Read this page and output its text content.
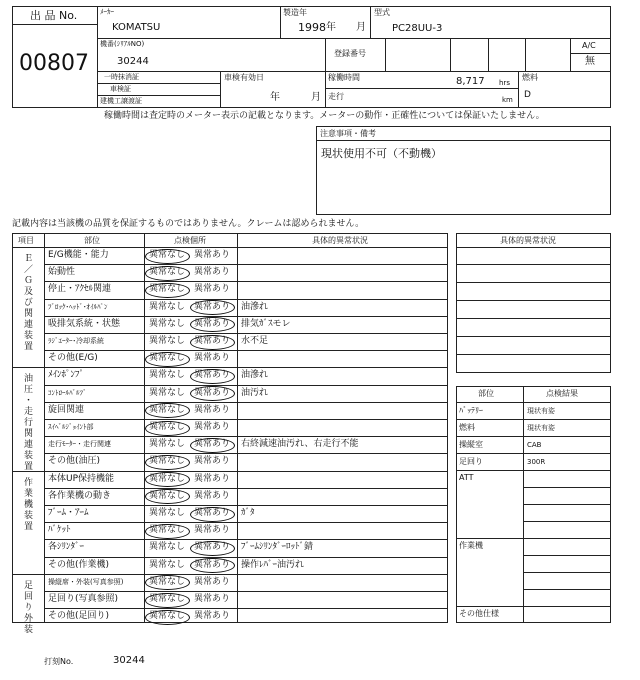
出 品 No.
00807
ﾒｰｶｰ
KOMATSU
製造年
1998 年 月
型式
PC28UU-3
機番(ｼﾘｱﾙNO)
30244
登録番号
A/C
無
一時抹消証
車検証
建機工譲渡証
車検有効日
年	月
稼働時間	8,717 hrs
走行	km
燃料
D
稼働時間は査定時のメーター表示の記載となります。メーターの動作・正確性については保証いたしません。
注意事項・備考
現状使用不可（不動機）
記載内容は当該機の品質を保証するものではありません。クレームは認められません。
項目	部位	点検個所	具体的異常状況
Ｅ／Ｇ及び関連装置 E/G機能・能力	異常なし 異常あり
始動性	異常なし 異常あり
停止・ｱｸｾﾙ関連	異常なし 異常あり
ﾌﾞﾛｯｸ･ﾍｯﾄﾞ･ｵｲﾙﾊﾟﾝ	異常なし 異常あり 油滲れ
吸排気系統・状態	異常なし 異常あり 排気ｶﾞｽモレ
ﾗｼﾞｴｰﾀｰ･冷却系統	異常なし 異常あり 水不足
その他(E/G)	異常なし 異常あり
油圧・走行関連装置 ﾒｲﾝﾎﾟﾝﾌﾟ	異常なし 異常あり 油滲れ
ｺﾝﾄﾛｰﾙﾊﾞﾙﾌﾞ	異常なし 異常あり 油汚れ
旋回関連	異常なし 異常あり
ｽｲﾍﾞﾙｼﾞｮｲﾝﾄ部	異常なし 異常あり
走行ﾓｰﾀｰ・走行関連	異常なし 異常あり 右終減速油汚れ、右走行不能
その他(油圧)	異常なし 異常あり
作業機装置 本体UP保持機能	異常なし 異常あり
各作業機の動き	異常なし 異常あり
ﾌﾞｰﾑ・ｱｰﾑ	異常なし 異常あり ｶﾞﾀ
ﾊﾞｹｯﾄ	異常なし 異常あり
各ｼﾘﾝﾀﾞｰ	異常なし 異常あり ﾌﾞｰﾑｼﾘﾝﾀﾞｰﾛｯﾄﾞ錆
その他(作業機)	異常なし 異常あり 操作ﾚﾊﾞｰ油汚れ
足回り外装 操縦席・外装(写真参照)	異常なし 異常あり
足回り(写真参照)	異常なし 異常あり
その他(足回り)	異常なし 異常あり
具体的異常状況
部位	点検結果
ﾊﾞｯﾃﾘｰ	現状有姿
燃料	現状有姿
操縦室	CAB
足回り	300R
ATT
作業機
その他仕様
打刻No.	30244
